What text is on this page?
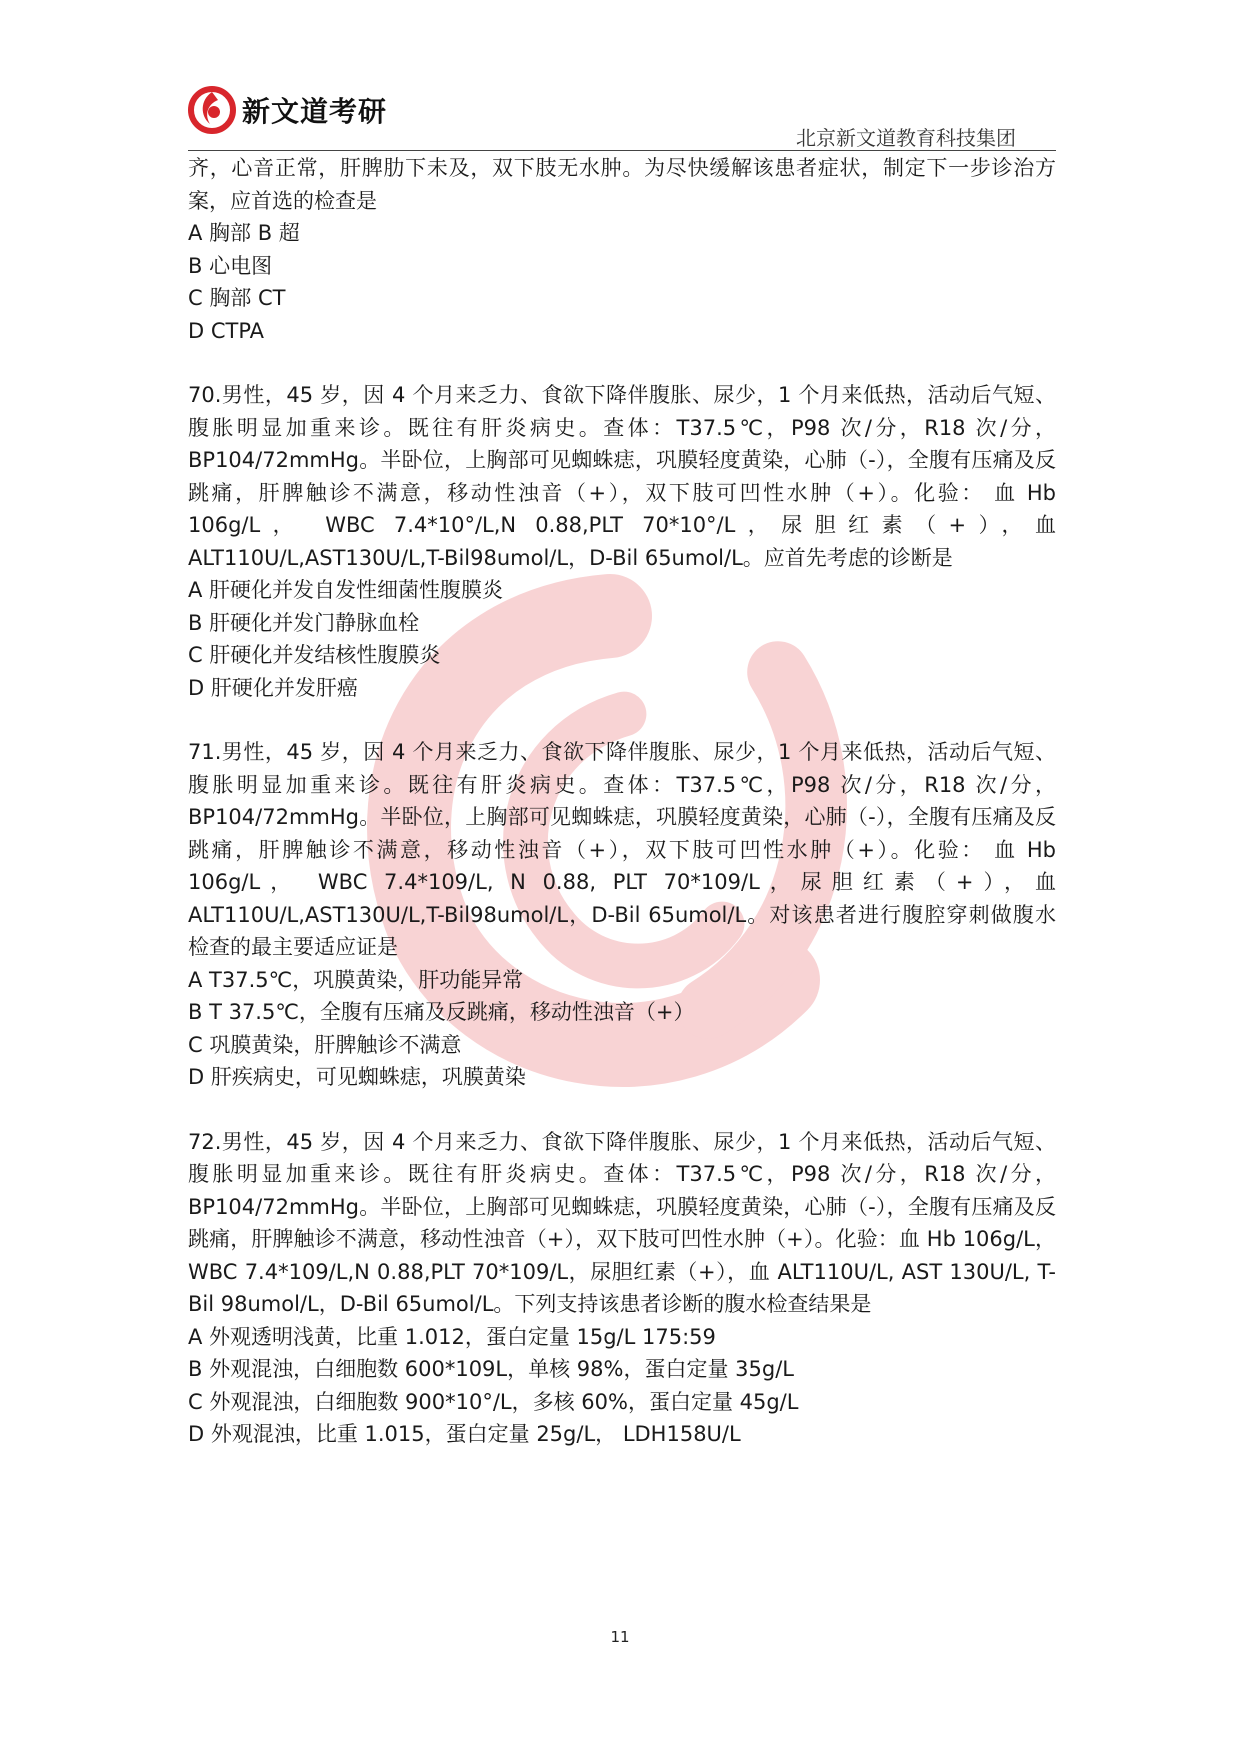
新文道考研
北京新文道教育科技集团

齐，心音正常，肝脾肋下未及，双下肢无水肿。为尽快缓解该患者症状，制定下一步诊治方案，应首选的检查是

A 胸部 B 超

B 心电图

C 胸部 CT

D CTPA

70.男性，45 岁，因 4 个月来乏力、食欲下降伴腹胀、尿少，1 个月来低热，活动后气短、腹胀明显加重来诊。既往有肝炎病史。查体：T37.5℃，P98 次/分，R18 次/分，BP104/72mmHg。半卧位，上胸部可见蜘蛛痣，巩膜轻度黄染，心肺（-），全腹有压痛及反跳痛，肝脾触诊不满意，移动性浊音（+），双下肢可凹性水肿（+）。化验： 血 Hb 106g/L， WBC 7.4*10°/L,N 0.88,PLT 70*10°/L，尿胆红素（+），血 ALT110U/L,AST130U/L,T-Bil98umol/L，D-Bil 65umol/L。应首先考虑的诊断是

A 肝硬化并发自发性细菌性腹膜炎

B 肝硬化并发门静脉血栓

C 肝硬化并发结核性腹膜炎

D 肝硬化并发肝癌

71.男性，45 岁，因 4 个月来乏力、食欲下降伴腹胀、尿少，1 个月来低热，活动后气短、腹胀明显加重来诊。既往有肝炎病史。查体：T37.5℃，P98 次/分，R18 次/分，BP104/72mmHg。半卧位，上胸部可见蜘蛛痣，巩膜轻度黄染，心肺（-），全腹有压痛及反跳痛，肝脾触诊不满意，移动性浊音（+），双下肢可凹性水肿（+）。化验： 血 Hb 106g/L， WBC 7.4*109/L, N 0.88, PLT 70*109/L，尿胆红素（+），血 ALT110U/L,AST130U/L,T-Bil98umol/L，D-Bil 65umol/L。对该患者进行腹腔穿刺做腹水检查的最主要适应证是

A T37.5℃，巩膜黄染，肝功能异常

B T 37.5℃，全腹有压痛及反跳痛，移动性浊音（+）

C 巩膜黄染，肝脾触诊不满意

D 肝疾病史，可见蜘蛛痣，巩膜黄染

72.男性，45 岁，因 4 个月来乏力、食欲下降伴腹胀、尿少，1 个月来低热，活动后气短、腹胀明显加重来诊。既往有肝炎病史。查体：T37.5℃，P98 次/分，R18 次/分，BP104/72mmHg。半卧位，上胸部可见蜘蛛痣，巩膜轻度黄染，心肺（-），全腹有压痛及反跳痛，肝脾触诊不满意，移动性浊音（+），双下肢可凹性水肿（+）。化验：血 Hb 106g/L，WBC 7.4*109/L,N 0.88,PLT 70*109/L，尿胆红素（+），血 ALT110U/L, AST 130U/L, T-Bil 98umol/L，D-Bil 65umol/L。下列支持该患者诊断的腹水检查结果是

A 外观透明浅黄，比重 1.012，蛋白定量 15g/L 175:59

B 外观混浊，白细胞数 600*109L，单核 98%，蛋白定量 35g/L

C 外观混浊，白细胞数 900*10°/L，多核 60%，蛋白定量 45g/L

D 外观混浊，比重 1.015，蛋白定量 25g/L， LDH158U/L

11
